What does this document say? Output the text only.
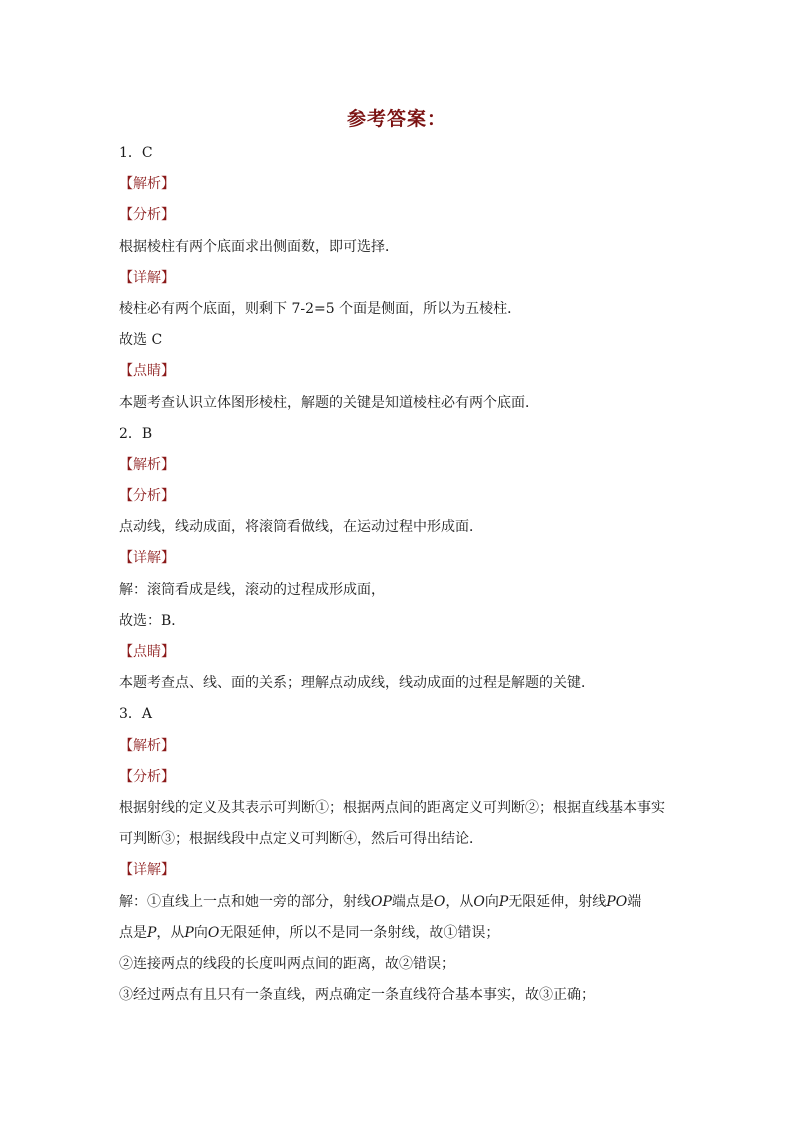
参考答案：
1．C
【解析】
【分析】
根据棱柱有两个底面求出侧面数，即可选择．
【详解】
棱柱必有两个底面，则剩下 7-2=5 个面是侧面，所以为五棱柱．
故选 C
【点睛】
本题考查认识立体图形棱柱，解题的关键是知道棱柱必有两个底面．
2．B
【解析】
【分析】
点动线，线动成面，将滚筒看做线，在运动过程中形成面．
【详解】
解：滚筒看成是线，滚动的过程成形成面，
故选：B．
【点睛】
本题考查点、线、面的关系；理解点动成线，线动成面的过程是解题的关键．
3．A
【解析】
【分析】
根据射线的定义及其表示可判断①；根据两点间的距离定义可判断②；根据直线基本事实
可判断③；根据线段中点定义可判断④，然后可得出结论．
【详解】
解：①直线上一点和她一旁的部分，射线OP端点是O，从O向P无限延伸，射线PO端
点是P，从P向O无限延伸，所以不是同一条射线，故①错误；
②连接两点的线段的长度叫两点间的距离，故②错误；
③经过两点有且只有一条直线，两点确定一条直线符合基本事实，故③正确；
